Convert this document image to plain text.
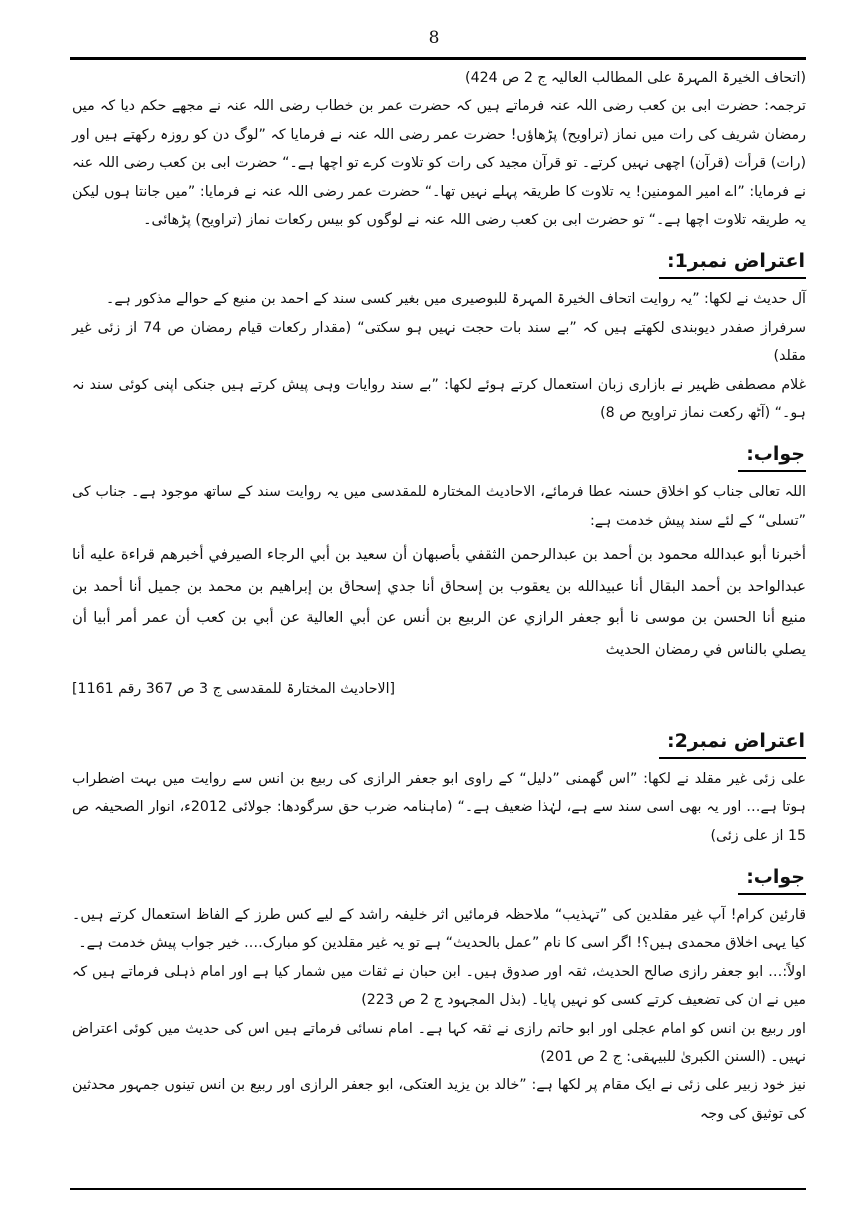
8

(اتحاف الخیرۃ المہرۃ علی المطالب العالیہ ج 2 ص 424)

ترجمہ: حضرت ابی بن کعب رضی اللہ عنہ فرماتے ہیں کہ حضرت عمر بن خطاب رضی اللہ عنہ نے مجھے حکم دیا کہ میں رمضان شریف کی رات میں نماز (تراویح) پڑھاؤں! حضرت عمر رضی اللہ عنہ نے فرمایا کہ ”لوگ دن کو روزہ رکھتے ہیں اور (رات) قرأت (قرآن) اچھی نہیں کرتے۔ تو قرآن مجید کی رات کو تلاوت کرے تو اچھا ہے۔“ حضرت ابی بن کعب رضی اللہ عنہ نے فرمایا: ”اے امیر المومنین! یہ تلاوت کا طریقہ پہلے نہیں تھا۔“ حضرت عمر رضی اللہ عنہ نے فرمایا: ”میں جانتا ہوں لیکن یہ طریقہ تلاوت اچھا ہے۔“ تو حضرت ابی بن کعب رضی اللہ عنہ نے لوگوں کو بیس رکعات نماز (تراویح) پڑھائی۔

اعتراض نمبر1:

آل حدیث نے لکھا: ”یہ روایت اتحاف الخیرۃ المہرۃ للبوصیری میں بغیر کسی سند کے احمد بن منیع کے حوالے مذکور ہے۔

سرفراز صفدر دیوبندی لکھتے ہیں کہ ”بے سند بات حجت نہیں ہو سکتی“ (مقدار رکعات قیام رمضان ص 74 از زئی غیر مقلد)

غلام مصطفی ظہیر نے بازاری زبان استعمال کرتے ہوئے لکھا: ”بے سند روایات وہی پیش کرتے ہیں جنکی اپنی کوئی سند نہ ہو۔“ (آٹھ رکعت نماز تراویح ص 8)

جواب:

اللہ تعالی جناب کو اخلاق حسنہ عطا فرمائے، الاحادیث المختارہ للمقدسی میں یہ روایت سند کے ساتھ موجود ہے۔ جناب کی ”تسلی“ کے لئے سند پیش خدمت ہے:

أخبرنا أبو عبدالله محمود بن أحمد بن عبدالرحمن الثقفي بأصبهان أن سعيد بن أبي الرجاء الصيرفي أخبرهم قراءة عليه أنا عبدالواحد بن أحمد البقال أنا عبيدالله بن يعقوب بن إسحاق أنا جدي إسحاق بن إبراهيم بن محمد بن جميل أنا أحمد بن منيع أنا الحسن بن موسى نا أبو جعفر الرازي عن الربيع بن أنس عن أبي العالية عن أبي بن كعب أن عمر أمر أبيا أن يصلي بالناس في رمضان الحديث

[الاحادیث المختارۃ للمقدسی ج 3 ص 367 رقم 1161]

اعتراض نمبر2:

علی زئی غیر مقلد نے لکھا: ”اس گھمنی ”دلیل“ کے راوی ابو جعفر الرازی کی ربیع بن انس سے روایت میں بہت اضطراب ہوتا ہے… اور یہ بھی اسی سند سے ہے، لہٰذا ضعیف ہے۔“ (ماہنامہ ضرب حق سرگودھا: جولائی 2012ء، انوار الصحیفہ ص 15 از علی زئی)

جواب:

قارئین کرام! آپ غیر مقلدین کی ”تہذیب“ ملاحظہ فرمائیں اثر خلیفہ راشد کے لیے کس طرز کے الفاظ استعمال کرتے ہیں۔ کیا یہی اخلاق محمدی ہیں؟! اگر اسی کا نام ”عمل بالحدیث“ ہے تو یہ غیر مقلدین کو مبارک…. خیر جواب پیش خدمت ہے۔

اولاً:… ابو جعفر رازی صالح الحدیث، ثقہ اور صدوق ہیں۔ ابن حبان نے ثقات میں شمار کیا ہے اور امام ذہلی فرماتے ہیں کہ میں نے ان کی تضعیف کرتے کسی کو نہیں پایا۔ (بذل المجہود ج 2 ص 223)

اور ربیع بن انس کو امام عجلی اور ابو حاتم رازی نے ثقہ کہا ہے۔ امام نسائی فرماتے ہیں اس کی حدیث میں کوئی اعتراض نہیں۔ (السنن الکبریٰ للبیہقی: ج 2 ص 201)

نیز خود زبیر علی زئی نے ایک مقام پر لکھا ہے: ”خالد بن یزید العتکی، ابو جعفر الرازی اور ربیع بن انس تینوں جمہور محدثین کی توثیق کی وجہ
